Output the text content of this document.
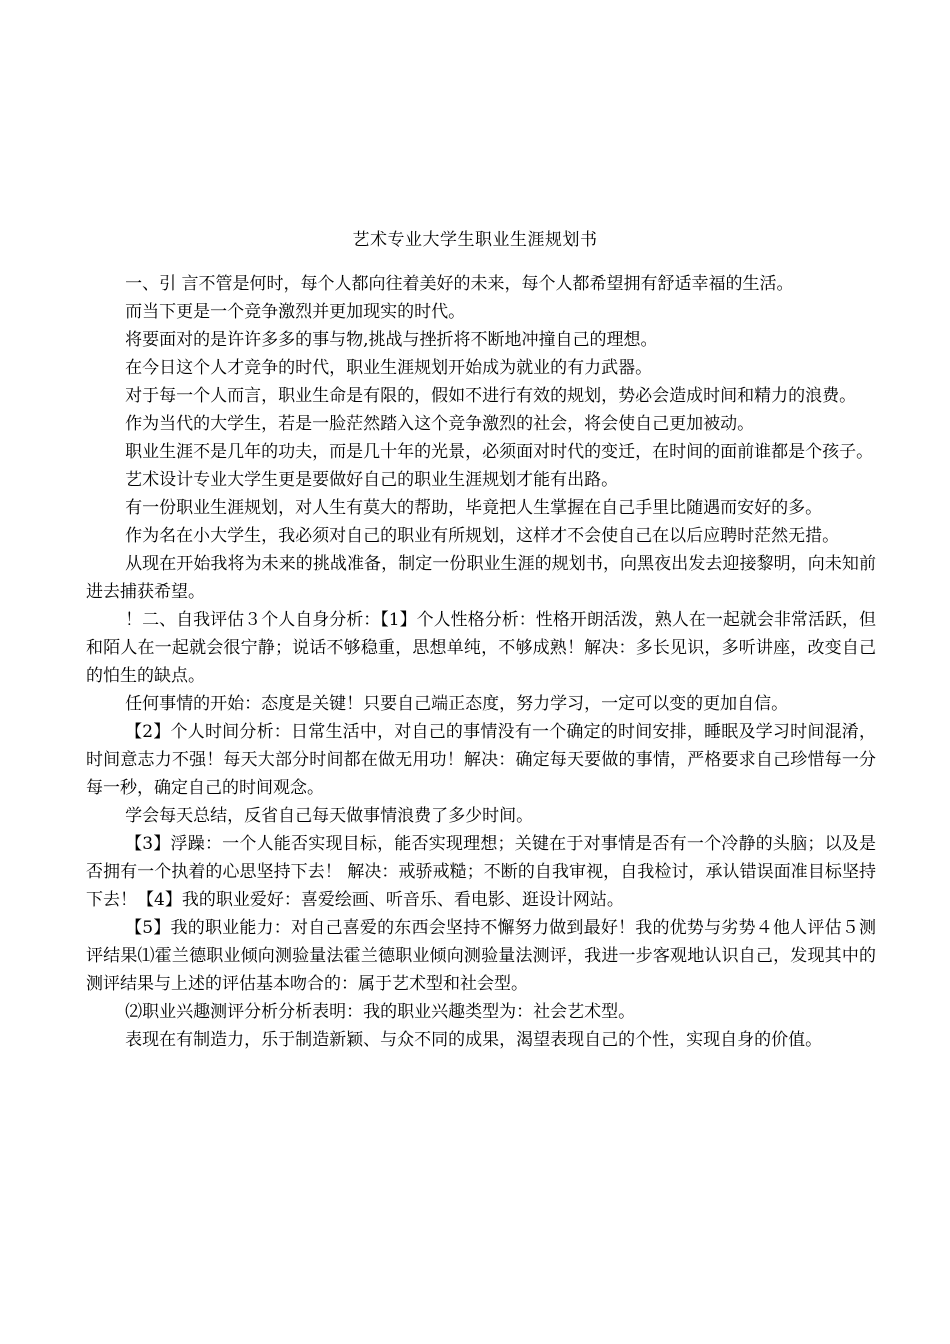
艺术专业大学生职业生涯规划书

一、引 言不管是何时，每个人都向往着美好的未来，每个人都希望拥有舒适幸福的生活。

而当下更是一个竞争激烈并更加现实的时代。

将要面对的是许许多多的事与物,挑战与挫折将不断地冲撞自己的理想。

在今日这个人才竞争的时代，职业生涯规划开始成为就业的有力武器。

对于每一个人而言，职业生命是有限的，假如不进行有效的规划，势必会造成时间和精力的浪费。

作为当代的大学生，若是一脸茫然踏入这个竞争激烈的社会，将会使自己更加被动。

职业生涯不是几年的功夫，而是几十年的光景，必须面对时代的变迁，在时间的面前谁都是个孩子。

艺术设计专业大学生更是要做好自己的职业生涯规划才能有出路。

有一份职业生涯规划，对人生有莫大的帮助，毕竟把人生掌握在自己手里比随遇而安好的多。

作为名在小大学生，我必须对自己的职业有所规划，这样才不会使自己在以后应聘时茫然无措。

从现在开始我将为未来的挑战准备，制定一份职业生涯的规划书，向黑夜出发去迎接黎明，向未知前进去捕获希望。

！二、自我评估３个人自身分析：【1】个人性格分析：性格开朗活泼，熟人在一起就会非常活跃，但和陌人在一起就会很宁静；说话不够稳重，思想单纯，不够成熟！解决：多长见识，多听讲座，改变自己的怕生的缺点。

任何事情的开始：态度是关键！只要自己端正态度，努力学习，一定可以变的更加自信。

【2】个人时间分析：日常生活中，对自己的事情没有一个确定的时间安排，睡眠及学习时间混淆，时间意志力不强！每天大部分时间都在做无用功！解决：确定每天要做的事情，严格要求自己珍惜每一分每一秒，确定自己的时间观念。

学会每天总结，反省自己每天做事情浪费了多少时间。

【3】浮躁：一个人能否实现目标，能否实现理想；关键在于对事情是否有一个冷静的头脑；以及是否拥有一个执着的心思坚持下去！ 解决：戒骄戒糙；不断的自我审视，自我检讨，承认错误面准目标坚持下去！【4】我的职业爱好：喜爱绘画、听音乐、看电影、逛设计网站。

【5】我的职业能力：对自己喜爱的东西会坚持不懈努力做到最好！我的优势与劣势４他人评估５测评结果⑴霍兰德职业倾向测验量法霍兰德职业倾向测验量法测评，我进一步客观地认识自己，发现其中的测评结果与上述的评估基本吻合的：属于艺术型和社会型。

⑵职业兴趣测评分析分析表明：我的职业兴趣类型为：社会艺术型。

表现在有制造力，乐于制造新颖、与众不同的成果，渴望表现自己的个性，实现自身的价值。
